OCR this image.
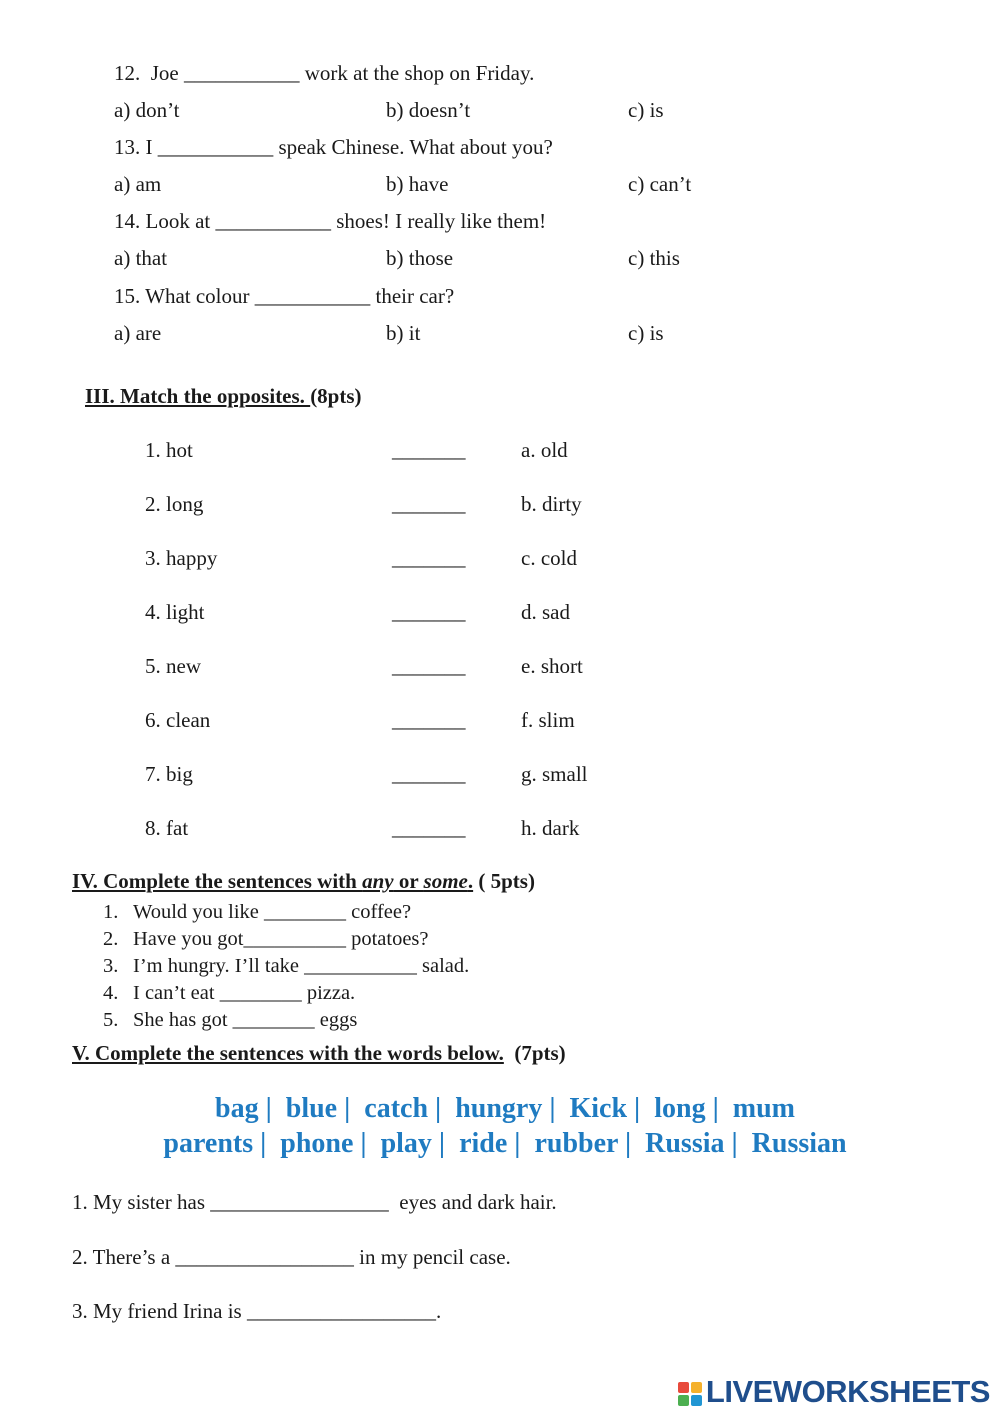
12.  Joe ___________ work at the shop on Friday.
a) don’t	b) doesn’t	c) is
13. I ___________ speak Chinese. What about you?
a) am	b) have	c) can’t
14. Look at ___________ shoes! I really like them!
a) that	b) those	c) this
15. What colour ___________ their car?
a) are	b) it	c) is
III. Match the opposites. (8pts)
1. hot	_______	a. old
2. long	_______	b. dirty
3. happy	_______	c. cold
4. light	_______	d. sad
5. new	_______	e. short
6. clean	_______	f. slim
7. big	_______	g. small
8. fat	_______	h. dark
IV. Complete the sentences with any or some. ( 5pts)
1. Would you like ________ coffee?
2. Have you got__________ potatoes?
3. I’m hungry. I’ll take ___________ salad.
4. I can’t eat ________ pizza.
5. She has got ________ eggs
V. Complete the sentences with the words below.  (7pts)
bag |  blue |  catch |  hungry |  Kick |  long |  mum
parents |  phone |  play |  ride |  rubber |  Russia |  Russian
1. My sister has _________________  eyes and dark hair.
2. There’s a _________________ in my pencil case.
3. My friend Irina is __________________.
LIVEWORKSHEETS
